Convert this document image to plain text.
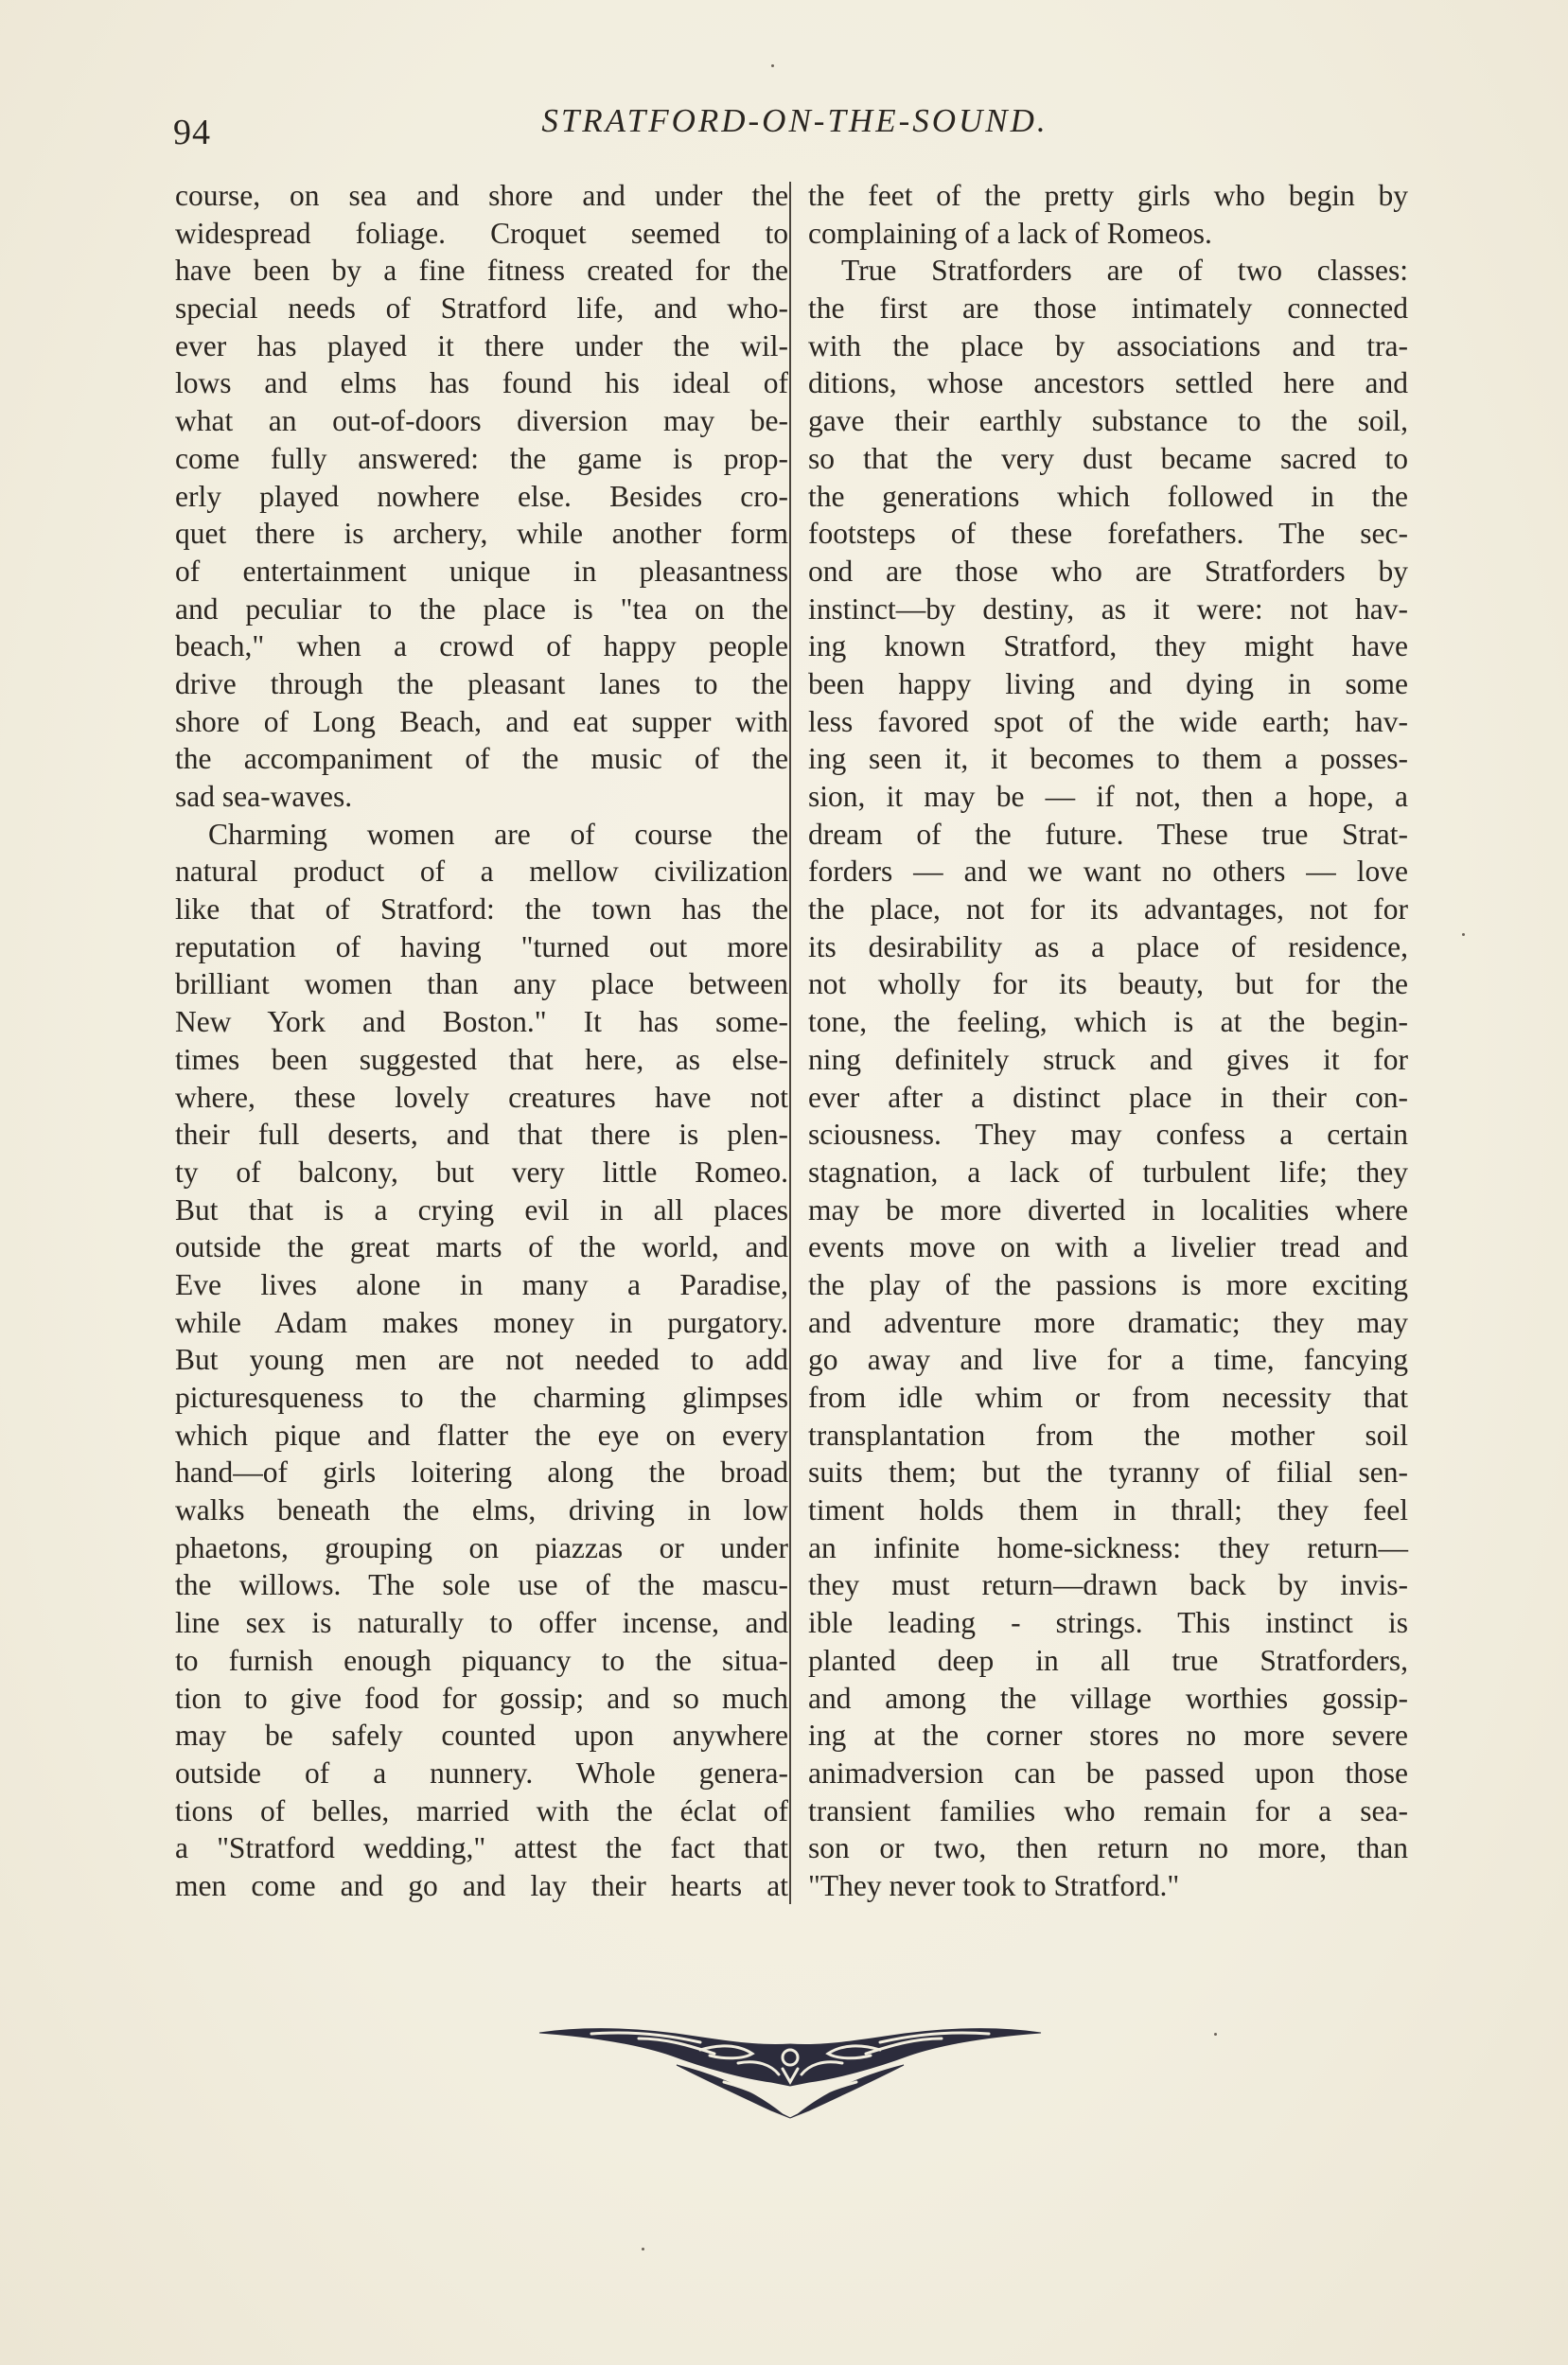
94	STRATFORD-ON-THE-SOUND.
course, on sea and shore and under the
widespread foliage. Croquet seemed to
have been by a fine fitness created for the
special needs of Stratford life, and who-
ever has played it there under the wil-
lows and elms has found his ideal of
what an out-of-doors diversion may be-
come fully answered: the game is prop-
erly played nowhere else. Besides cro-
quet there is archery, while another form
of entertainment unique in pleasantness
and peculiar to the place is "tea on the
beach," when a crowd of happy people
drive through the pleasant lanes to the
shore of Long Beach, and eat supper with
the accompaniment of the music of the
sad sea-waves.
Charming women are of course the
natural product of a mellow civilization
like that of Stratford: the town has the
reputation of having "turned out more
brilliant women than any place between
New York and Boston." It has some-
times been suggested that here, as else-
where, these lovely creatures have not
their full deserts, and that there is plen-
ty of balcony, but very little Romeo.
But that is a crying evil in all places
outside the great marts of the world, and
Eve lives alone in many a Paradise,
while Adam makes money in purgatory.
But young men are not needed to add
picturesqueness to the charming glimpses
which pique and flatter the eye on every
hand—of girls loitering along the broad
walks beneath the elms, driving in low
phaetons, grouping on piazzas or under
the willows. The sole use of the mascu-
line sex is naturally to offer incense, and
to furnish enough piquancy to the situa-
tion to give food for gossip; and so much
may be safely counted upon anywhere
outside of a nunnery. Whole genera-
tions of belles, married with the éclat of
a "Stratford wedding," attest the fact that
men come and go and lay their hearts at
the feet of the pretty girls who begin by
complaining of a lack of Romeos.
True Stratforders are of two classes:
the first are those intimately connected
with the place by associations and tra-
ditions, whose ancestors settled here and
gave their earthly substance to the soil,
so that the very dust became sacred to
the generations which followed in the
footsteps of these forefathers. The sec-
ond are those who are Stratforders by
instinct—by destiny, as it were: not hav-
ing known Stratford, they might have
been happy living and dying in some
less favored spot of the wide earth; hav-
ing seen it, it becomes to them a posses-
sion, it may be — if not, then a hope, a
dream of the future. These true Strat-
forders — and we want no others — love
the place, not for its advantages, not for
its desirability as a place of residence,
not wholly for its beauty, but for the
tone, the feeling, which is at the begin-
ning definitely struck and gives it for
ever after a distinct place in their con-
sciousness. They may confess a certain
stagnation, a lack of turbulent life; they
may be more diverted in localities where
events move on with a livelier tread and
the play of the passions is more exciting
and adventure more dramatic; they may
go away and live for a time, fancying
from idle whim or from necessity that
transplantation from the mother soil
suits them; but the tyranny of filial sen-
timent holds them in thrall; they feel
an infinite home-sickness: they return—
they must return—drawn back by invis-
ible leading - strings. This instinct is
planted deep in all true Stratforders,
and among the village worthies gossip-
ing at the corner stores no more severe
animadversion can be passed upon those
transient families who remain for a sea-
son or two, then return no more, than
"They never took to Stratford."
